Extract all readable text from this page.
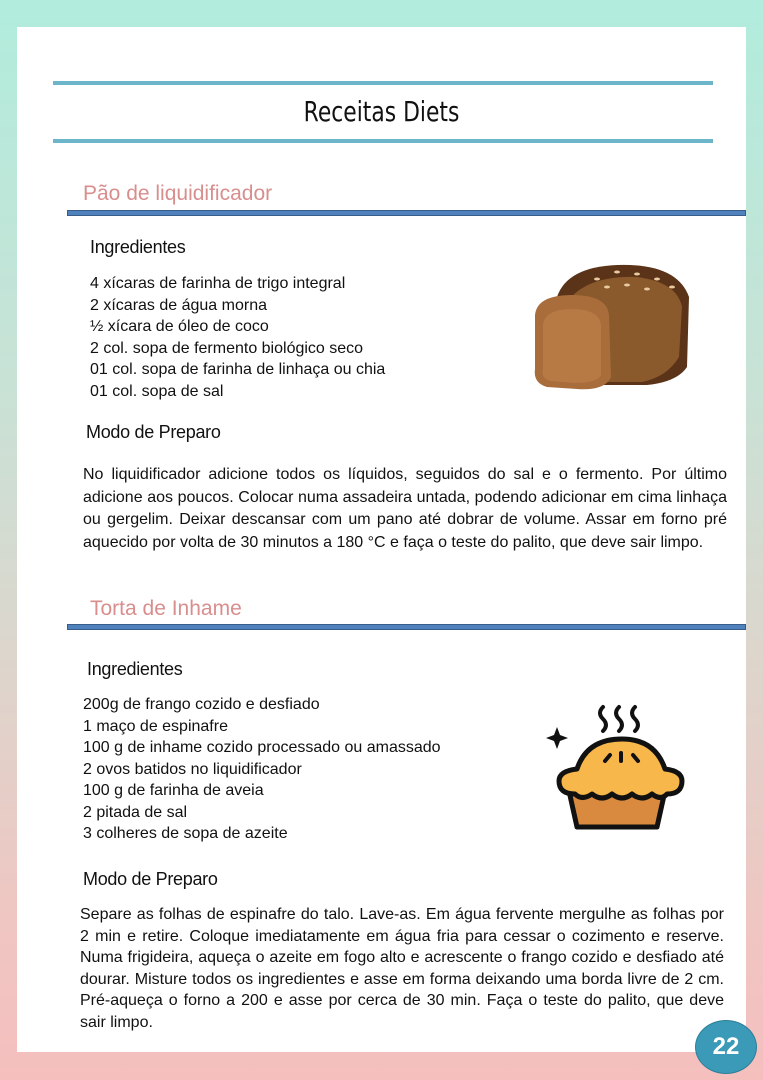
Receitas Diets
Pão de liquidificador
Ingredientes
4 xícaras de farinha de trigo integral
2 xícaras de água morna
½ xícara de óleo de coco
2 col. sopa de fermento biológico seco
01 col. sopa de farinha de linhaça ou chia
01 col. sopa de sal
Modo de Preparo

No liquidificador adicione todos os líquidos, seguidos do sal e o fermento. Por último adicione aos poucos. Colocar numa assadeira untada, podendo adicionar em cima linhaça ou gergelim. Deixar descansar com um pano até dobrar de volume. Assar em forno pré aquecido por volta de 30 minutos a 180 °C e faça o teste do palito, que deve sair limpo.

Torta de Inhame
Ingredientes
200g de frango cozido e desfiado
1 maço de espinafre
100 g de inhame cozido processado ou amassado
2 ovos batidos no liquidificador
100 g de farinha de aveia
2 pitada de sal
3 colheres de sopa de azeite
Modo de Preparo

Separe as folhas de espinafre do talo. Lave-as. Em água fervente mergulhe as folhas por 2 min e retire. Coloque imediatamente em água fria para cessar o cozimento e reserve. Numa frigideira, aqueça o azeite em fogo alto e acrescente o frango cozido e desfiado até dourar. Misture todos os ingredientes e asse em forma deixando uma borda livre de 2 cm. Pré-aqueça o forno a 200 e asse por cerca de 30 min. Faça o teste do palito, que deve sair limpo.

22
